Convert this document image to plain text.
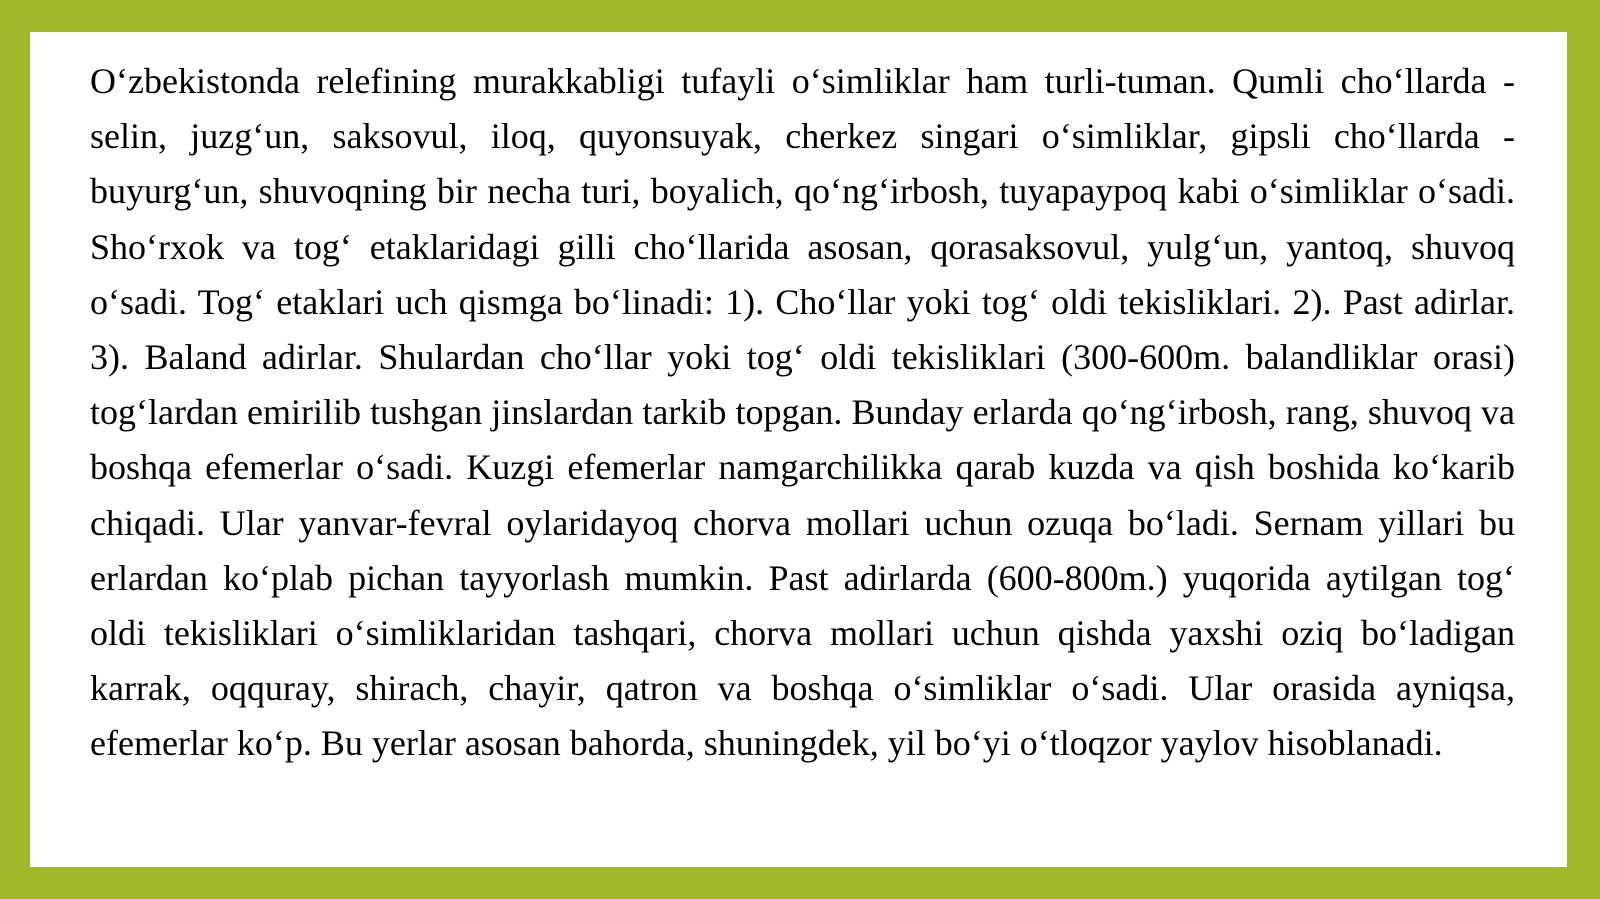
O‘zbekistonda relefining murakkabligi tufayli o‘simliklar ham turli-tuman. Qumli cho‘llarda - selin, juzg‘un, saksovul, iloq, quyonsuyak, cherkez singari o‘simliklar, gipsli cho‘llarda - buyurg‘un, shuvoqning bir necha turi, boyalich, qo‘ng‘irbosh, tuyapaypoq kabi o‘simliklar o‘sadi. Sho‘rxok va tog‘ etaklaridagi gilli cho‘llarida asosan, qorasaksovul, yulg‘un, yantoq, shuvoq o‘sadi. Tog‘ etaklari uch qismga bo‘linadi: 1). Cho‘llar yoki tog‘ oldi tekisliklari. 2). Past adirlar. 3). Baland adirlar. Shulardan cho‘llar yoki tog‘ oldi tekisliklari (300-600m. balandliklar orasi) tog‘lardan emirilib tushgan jinslardan tarkib topgan. Bunday erlarda qo‘ng‘irbosh, rang, shuvoq va boshqa efemerlar o‘sadi. Kuzgi efemerlar namgarchilikka qarab kuzda va qish boshida ko‘karib chiqadi. Ular yanvar-fevral oylaridayoq chorva mollari uchun ozuqa bo‘ladi. Sernam yillari bu erlardan ko‘plab pichan tayyorlash mumkin. Past adirlarda (600-800m.) yuqorida aytilgan tog‘ oldi tekisliklari o‘simliklaridan tashqari, chorva mollari uchun qishda yaxshi oziq bo‘ladigan karrak, oqquray, shirach, chayir, qatron va boshqa o‘simliklar o‘sadi. Ular orasida ayniqsa, efemerlar ko‘p. Bu yerlar asosan bahorda, shuningdek, yil bo‘yi o‘tloqzor yaylov hisoblanadi.
